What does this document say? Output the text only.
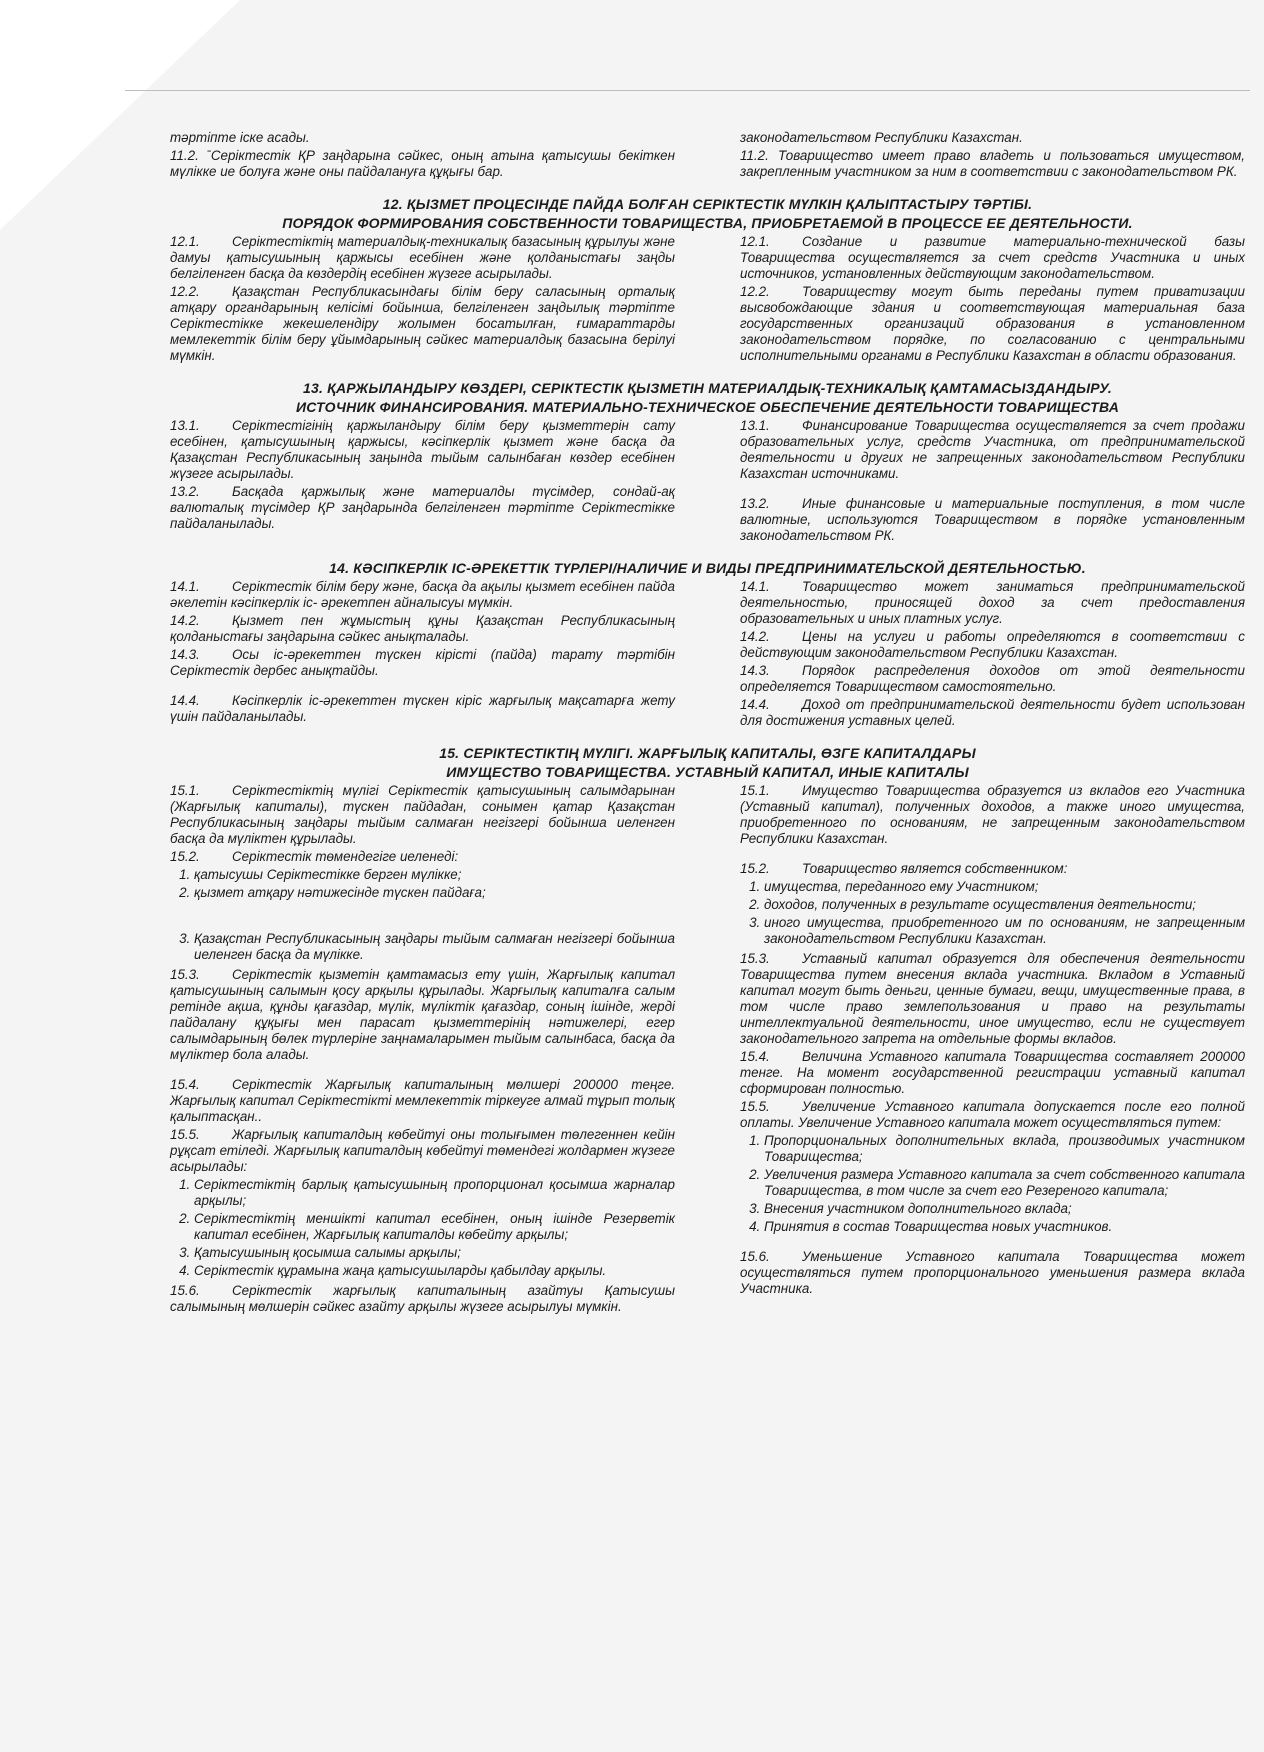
тәртіпте іске асады.

11.2. ˉСеріктестік ҚР заңдарына сәйкес, оның атына қатысушы бекіткен мүлікке ие болуға және оны пайдалануға құқығы бар.

законодательством Республики Казахстан.

11.2. Товарищество имеет право владеть и пользоваться имуществом, закрепленным участником за ним в соответствии с законодательством РК.

12. ҚЫЗМЕТ ПРОЦЕСІНДЕ ПАЙДА БОЛҒАН СЕРІКТЕСТІК МҮЛКІН ҚАЛЫПТАСТЫРУ ТӘРТІБІ.
ПОРЯДОК ФОРМИРОВАНИЯ СОБСТВЕННОСТИ ТОВАРИЩЕСТВА, ПРИОБРЕТАЕМОЙ В ПРОЦЕССЕ ЕЕ ДЕЯТЕЛЬНОСТИ.

12.1. Серіктестіктің материалдық-техникалық базасының құрылуы және дамуы қатысушының қаржысы есебінен және қолданыстағы заңды белгіленген басқа да көздердің есебінен жүзеге асырылады.

12.2. Қазақстан Республикасындағы білім беру саласының орталық атқару органдарының келісімі бойынша, белгіленген заңдылық тәртіпте Серіктестікке жекешелендіру жолымен босатылған, ғимараттарды мемлекеттік білім беру ұйымдарының сәйкес материалдық базасына берілуі мүмкін.

12.1. Создание и развитие материально-технической базы Товарищества осуществляется за счет средств Участника и иных источников, установленных действующим законодательством.

12.2. Товариществу могут быть переданы путем приватизации высвобождающие здания и соответствующая материальная база государственных организаций образования в установленном законодательством порядке, по согласованию с центральными исполнительными органами в Республики Казахстан в области образования.

13. ҚАРЖЫЛАНДЫРУ КӨЗДЕРІ, СЕРІКТЕСТІК ҚЫЗМЕТІН МАТЕРИАЛДЫҚ-ТЕХНИКАЛЫҚ ҚАМТАМАСЫЗДАНДЫРУ.
ИСТОЧНИК ФИНАНСИРОВАНИЯ. МАТЕРИАЛЬНО-ТЕХНИЧЕСКОЕ ОБЕСПЕЧЕНИЕ ДЕЯТЕЛЬНОСТИ ТОВАРИЩЕСТВА

13.1. Серіктестігінің қаржыландыру білім беру қызметтерін сату есебінен, қатысушының қаржысы, кәсіпкерлік қызмет және басқа да Қазақстан Республикасының заңында тыйым салынбаған көздер есебінен жүзеге асырылады.

13.2. Басқада қаржылық және материалды түсімдер, сондай-ақ валюталық түсімдер ҚР заңдарында белгіленген тәртіпте Серіктестікке пайдаланылады.

13.1. Финансирование Товарищества осуществляется за счет продажи образовательных услуг, средств Участника, от предпринимательской деятельности и других не запрещенных законодательством Республики Казахстан источниками.

13.2. Иные финансовые и материальные поступления, в том числе валютные, используются Товариществом в порядке установленным законодательством РК.

14. КӘСІПКЕРЛІК ІС-ӘРЕКЕТТІК ТҮРЛЕРІ/НАЛИЧИЕ И ВИДЫ ПРЕДПРИНИМАТЕЛЬСКОЙ ДЕЯТЕЛЬНОСТЬЮ.

14.1. Серіктестік білім беру және, басқа да ақылы қызмет есебінен пайда әкелетін кәсіпкерлік іс- әрекетпен айналысуы мүмкін.

14.2. Қызмет пен жұмыстың құны Қазақстан Республикасының қолданыстағы заңдарына сәйкес анықталады.

14.3. Осы іс-әрекеттен түскен кірісті (пайда) тарату тәртібін Серіктестік дербес анықтайды.

14.4. Кәсіпкерлік іс-әрекеттен түскен кіріс жарғылық мақсатарға жету үшін пайдаланылады.

14.1. Товарищество может заниматься предпринимательской деятельностью, приносящей доход за счет предоставления образовательных и иных платных услуг.

14.2. Цены на услуги и работы определяются в соответствии с действующим законодательством Республики Казахстан.

14.3. Порядок распределения доходов от этой деятельности определяется Товариществом самостоятельно.

14.4. Доход от предпринимательской деятельности будет использован для достижения уставных целей.

15. СЕРІКТЕСТІКТІҢ МҮЛІГІ. ЖАРҒЫЛЫҚ КАПИТАЛЫ, ӨЗГЕ КАПИТАЛДАРЫ
ИМУЩЕСТВО ТОВАРИЩЕСТВА. УСТАВНЫЙ КАПИТАЛ, ИНЫЕ КАПИТАЛЫ

15.1. Серіктестіктің мүлігі Серіктестік қатысушының салымдарынан (Жарғылық капиталы), түскен пайдадан, сонымен қатар Қазақстан Республикасының заңдары тыйым салмаған негізгері бойынша иеленген басқа да мүліктен құрылады.

15.2. Серіктестік төмендегіге иеленеді:

1. қатысушы Серіктестікке берген мүлікке;
2. қызмет атқару нәтижесінде түскен пайдаға;
3. Қазақстан Республикасының заңдары тыйым салмаған негізгері бойынша иеленген басқа да мүлікке.

15.3. Серіктестік қызметін қамтамасыз ету үшін, Жарғылық капитал қатысушының салымын қосу арқылы құрылады. Жарғылық капиталға салым ретінде ақша, құнды қағаздар, мүлік, мүліктік қағаздар, соның ішінде, жерді пайдалану құқығы мен парасат қызметтерінің нәтижелері, егер салымдарының бөлек түрлеріне заңнамаларымен тыйым салынбаса, басқа да мүліктер бола алады.

15.4. Серіктестік Жарғылық капиталының мөлшері 200000 теңге. Жарғылық капитал Серіктестікті мемлекеттік тіркеуге алмай тұрып толық қалыптасқан..

15.5. Жарғылық капиталдың көбейтуі оны толығымен төлегеннен кейін рұқсат етіледі. Жарғылық капиталдың көбейтуі төмендегі жолдармен жүзеге асырылады:

1. Серіктестіктің барлық қатысушының пропорционал қосымша жарналар арқылы;
2. Серіктестіктің меншікті капитал есебінен, оның ішінде Резерветік капитал есебінен, Жарғылық капиталды көбейту арқылы;
3. Қатысушының қосымша салымы арқылы;
4. Серіктестік құрамына жаңа қатысушыларды қабылдау арқылы.

15.6. Серіктестік жарғылық капиталының азайтуы Қатысушы салымының мөлшерін сәйкес азайту арқылы жүзеге асырылуы мүмкін.

15.1. Имущество Товарищества образуется из вкладов его Участника (Уставный капитал), полученных доходов, а также иного имущества, приобретенного по основаниям, не запрещенным законодательством Республики Казахстан.

15.2. Товарищество является собственником:

1. имущества, переданного ему Участником;
2. доходов, полученных в результате осуществления деятельности;
3. иного имущества, приобретенного им по основаниям, не запрещенным законодательством Республики Казахстан.

15.3. Уставный капитал образуется для обеспечения деятельности Товарищества путем внесения вклада участника. Вкладом в Уставный капитал могут быть деньги, ценные бумаги, вещи, имущественные права, в том числе право землепользования и право на результаты интеллектуальной деятельности, иное имущество, если не существует законодательного запрета на отдельные формы вкладов.

15.4. Величина Уставного капитала Товарищества составляет 200000 тенге. На момент государственной регистрации уставный капитал сформирован полностью.

15.5. Увеличение Уставного капитала допускается после его полной оплаты. Увеличение Уставного капитала может осуществляться путем:

1. Пропорциональных дополнительных вклада, производимых участником Товарищества;
2. Увеличения размера Уставного капитала за счет собственного капитала Товарищества, в том числе за счет его Резереного капитала;
3. Внесения участником дополнительного вклада;
4. Принятия в состав Товарищества новых участников.

15.6. Уменьшение Уставного капитала Товарищества может осуществляться путем пропорционального уменьшения размера вклада Участника.
